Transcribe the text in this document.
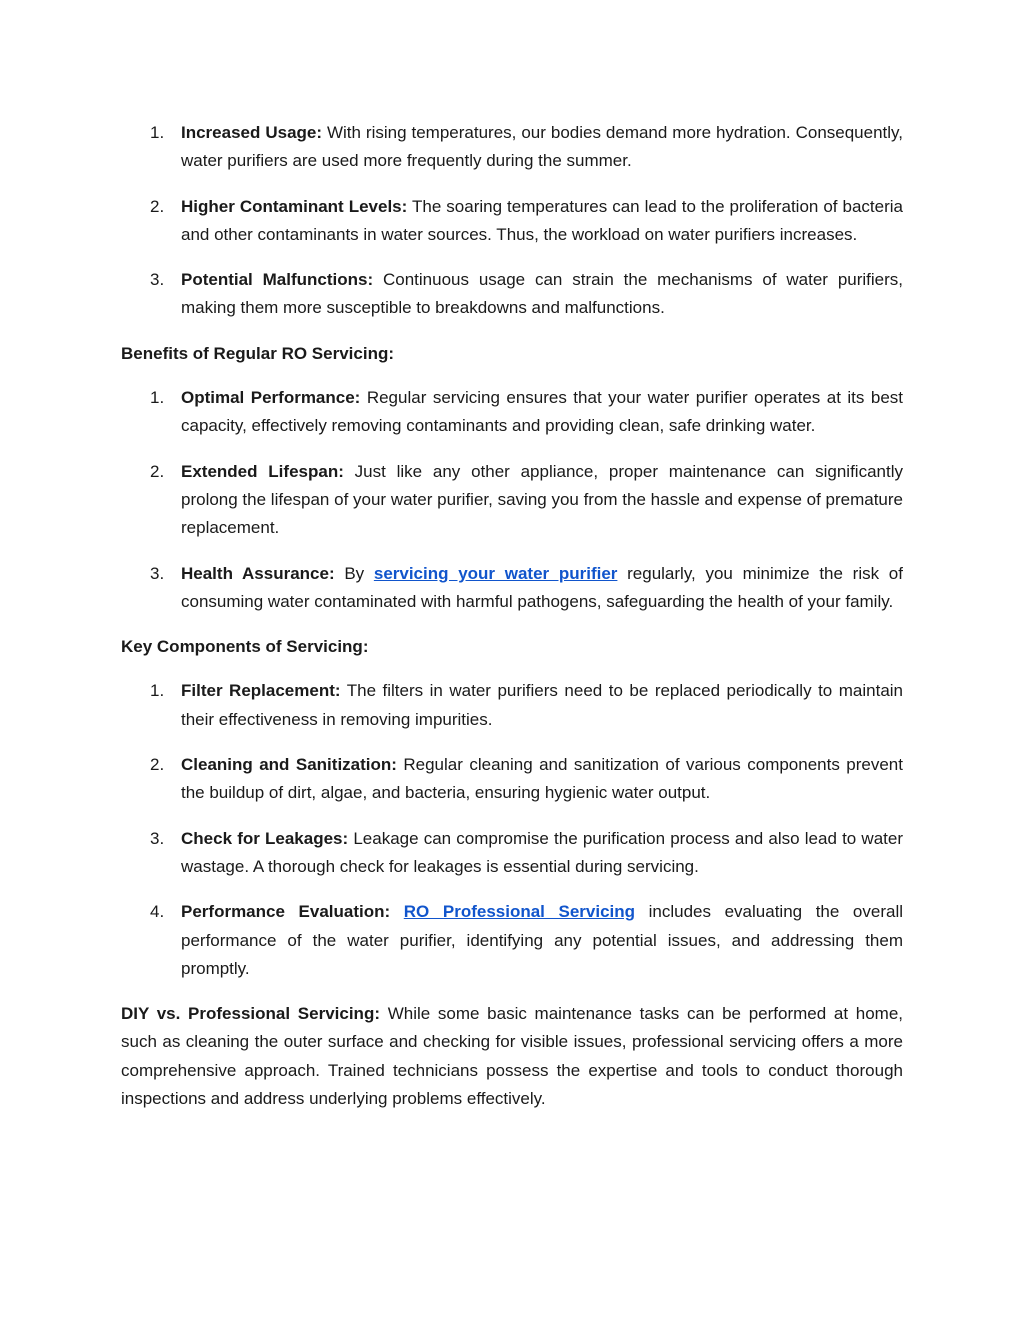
1. Increased Usage: With rising temperatures, our bodies demand more hydration. Consequently, water purifiers are used more frequently during the summer.
2. Higher Contaminant Levels: The soaring temperatures can lead to the proliferation of bacteria and other contaminants in water sources. Thus, the workload on water purifiers increases.
3. Potential Malfunctions: Continuous usage can strain the mechanisms of water purifiers, making them more susceptible to breakdowns and malfunctions.

Benefits of Regular RO Servicing:

1. Optimal Performance: Regular servicing ensures that your water purifier operates at its best capacity, effectively removing contaminants and providing clean, safe drinking water.
2. Extended Lifespan: Just like any other appliance, proper maintenance can significantly prolong the lifespan of your water purifier, saving you from the hassle and expense of premature replacement.
3. Health Assurance: By servicing your water purifier regularly, you minimize the risk of consuming water contaminated with harmful pathogens, safeguarding the health of your family.

Key Components of Servicing:

1. Filter Replacement: The filters in water purifiers need to be replaced periodically to maintain their effectiveness in removing impurities.
2. Cleaning and Sanitization: Regular cleaning and sanitization of various components prevent the buildup of dirt, algae, and bacteria, ensuring hygienic water output.
3. Check for Leakages: Leakage can compromise the purification process and also lead to water wastage. A thorough check for leakages is essential during servicing.
4. Performance Evaluation: RO Professional Servicing includes evaluating the overall performance of the water purifier, identifying any potential issues, and addressing them promptly.

DIY vs. Professional Servicing: While some basic maintenance tasks can be performed at home, such as cleaning the outer surface and checking for visible issues, professional servicing offers a more comprehensive approach. Trained technicians possess the expertise and tools to conduct thorough inspections and address underlying problems effectively.
